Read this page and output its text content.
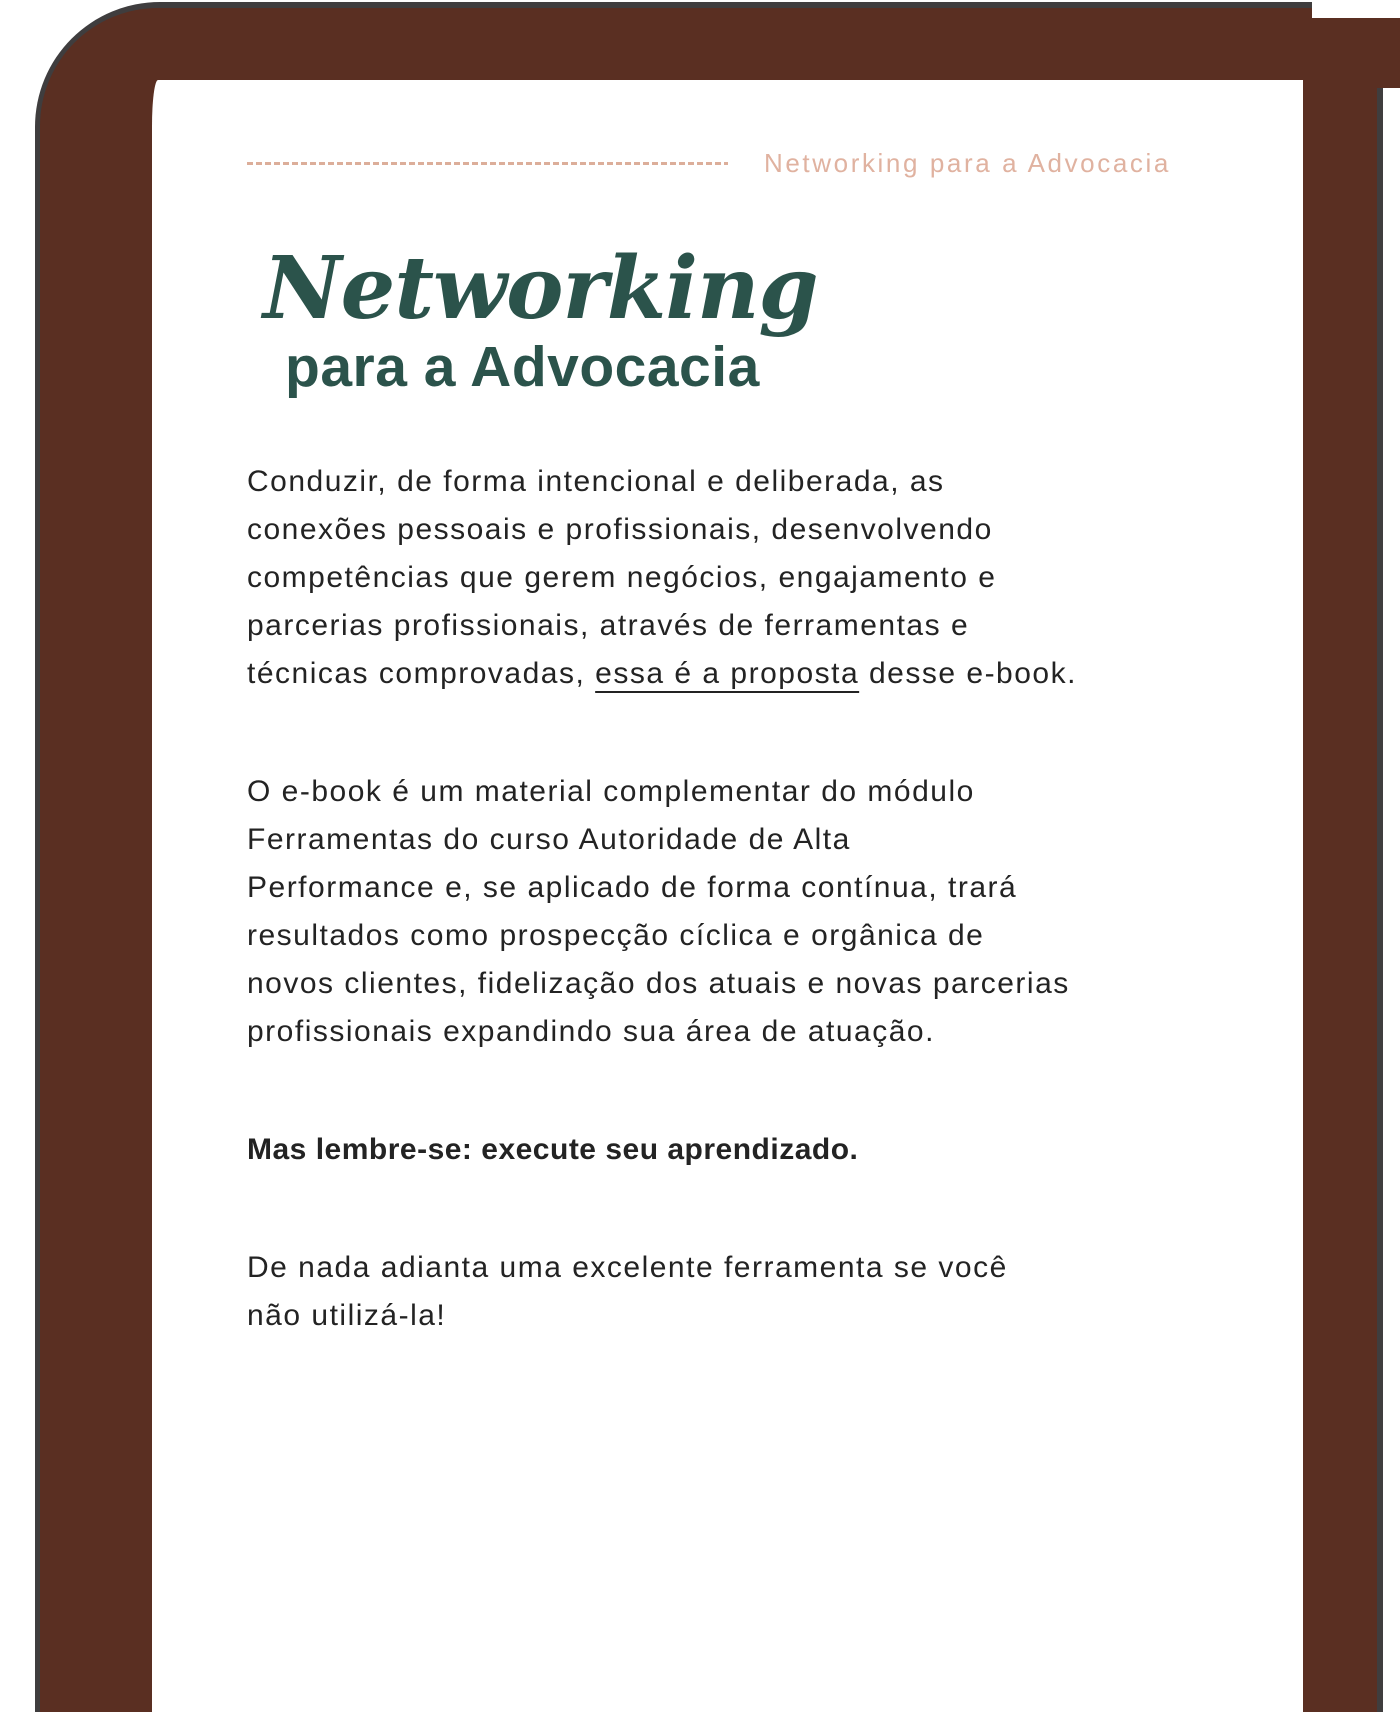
Networking para a Advocacia
Networking
para a Advocacia
Conduzir, de forma intencional e deliberada, as
conexões pessoais e profissionais, desenvolvendo
competências que gerem negócios, engajamento e
parcerias profissionais, através de ferramentas e
técnicas comprovadas, essa é a proposta desse e-book.
O e-book é um material complementar do módulo
Ferramentas do curso Autoridade de Alta
Performance e, se aplicado de forma contínua, trará
resultados como prospecção cíclica e orgânica de
novos clientes, fidelização dos atuais e novas parcerias
profissionais expandindo sua área de atuação.
Mas lembre-se: execute seu aprendizado.
De nada adianta uma excelente ferramenta se você
não utilizá-la!
